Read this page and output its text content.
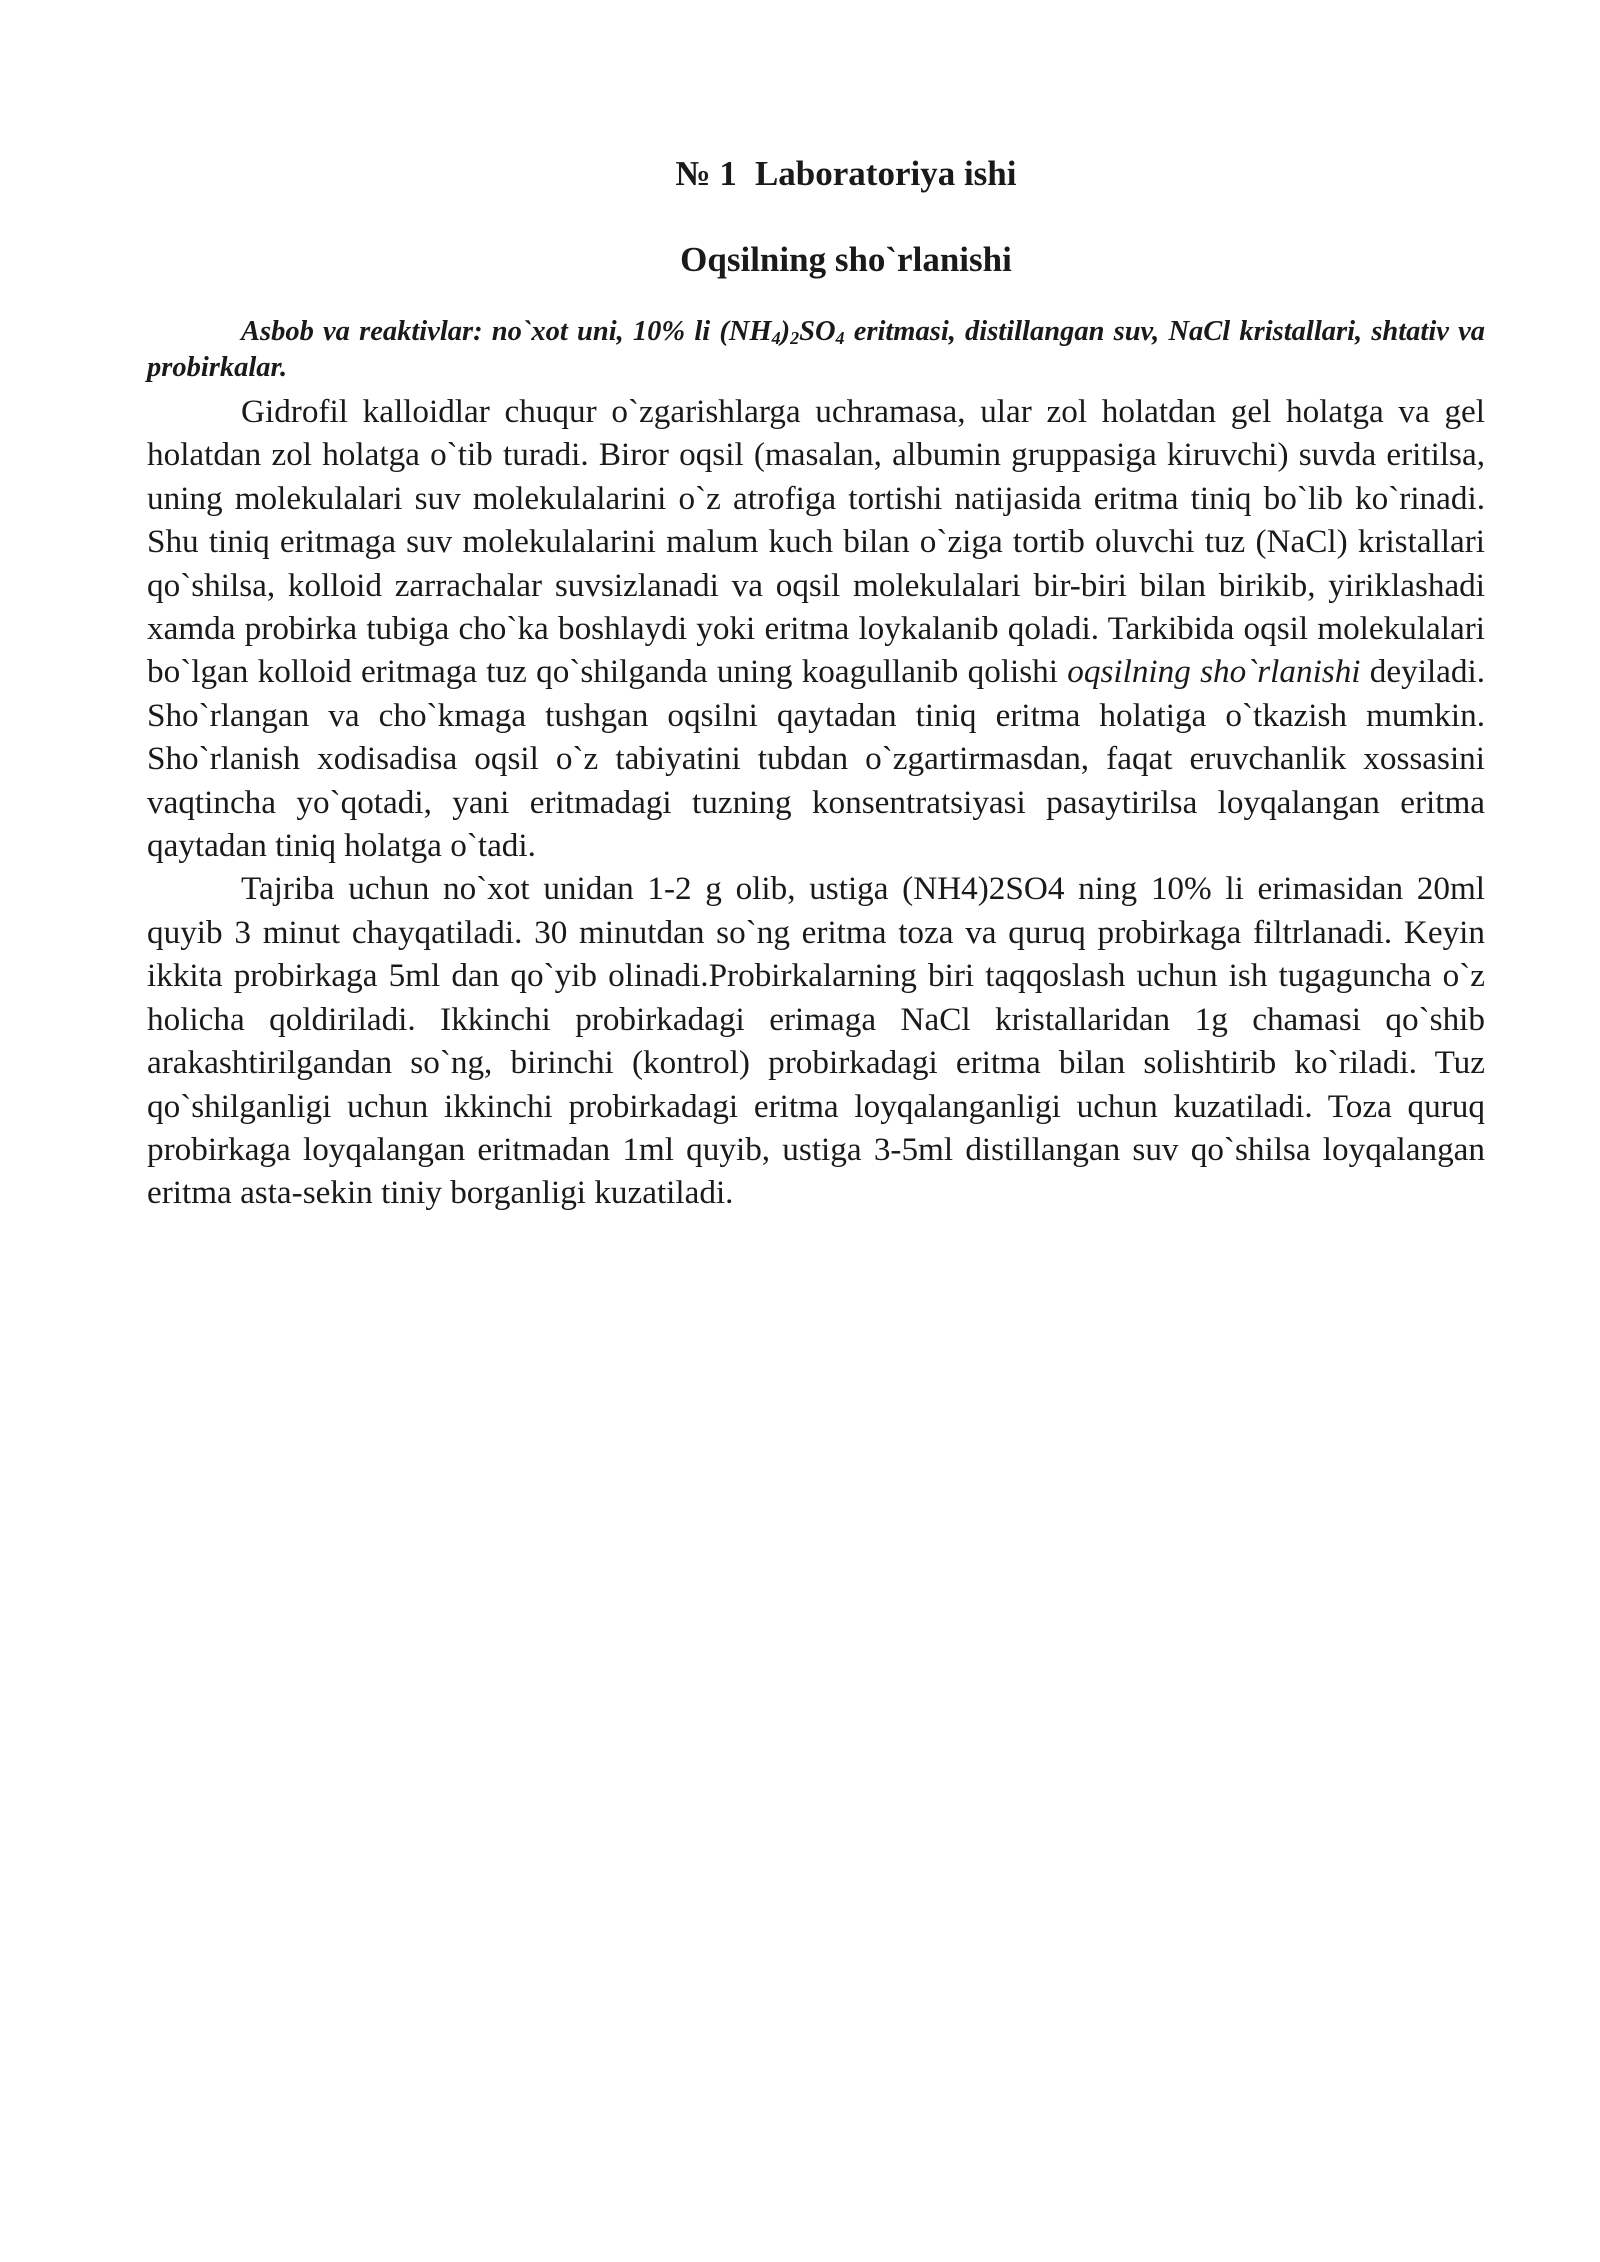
№ 1 Laboratoriya ishi
Oqsilning sho`rlanishi

Asbob va reaktivlar: no`xot uni, 10% li $(NH_4)_2SO_4$ eritmasi, distillangan suv, NaCl kristallari, shtativ va probirkalar.

Gidrofil kalloidlar chuqur o`zgarishlarga uchramasa, ular zol holatdan gel holatga va gel holatdan zol holatga o`tib turadi. Biror oqsil (masalan, albumin gruppasiga kiruvchi) suvda eritilsa, uning molekulalari suv molekulalarini o`z atrofiga tortishi natijasida eritma tiniq bo`lib ko`rinadi. Shu tiniq eritmaga suv molekulalarini malum kuch bilan o`ziga tortib oluvchi tuz (NaCl) kristallari qo`shilsa, kolloid zarrachalar suvsizlanadi va oqsil molekulalari bir-biri bilan birikib, yiriklashadi xamda probirka tubiga cho`ka boshlaydi yoki eritma loykalanib qoladi. Tarkibida oqsil molekulalari bo`lgan kolloid eritmaga tuz qo`shilganda uning koagullanib qolishi oqsilning sho`rlanishi deyiladi. Sho`rlangan va cho`kmaga tushgan oqsilni qaytadan tiniq eritma holatiga o`tkazish mumkin. Sho`rlanish xodisadisa oqsil o`z tabiyatini tubdan o`zgartirmasdan, faqat eruvchanlik xossasini vaqtincha yo`qotadi, yani eritmadagi tuzning konsentratsiyasi pasaytirilsa loyqalangan eritma qaytadan tiniq holatga o`tadi.

Tajriba uchun no`xot unidan 1-2 g olib, ustiga (NH4)2SO4 ning 10% li erimasidan 20ml quyib 3 minut chayqatiladi. 30 minutdan so`ng eritma toza va quruq probirkaga filtrlanadi. Keyin ikkita probirkaga 5ml dan qo`yib olinadi.Probirkalarning biri taqqoslash uchun ish tugaguncha o`z holicha qoldiriladi. Ikkinchi probirkadagi erimaga NaCl kristallaridan 1g chamasi qo`shib arakashtirilgandan so`ng, birinchi (kontrol) probirkadagi eritma bilan solishtirib ko`riladi. Tuz qo`shilganligi uchun ikkinchi probirkadagi eritma loyqalanganligi uchun kuzatiladi. Toza quruq probirkaga loyqalangan eritmadan 1ml quyib, ustiga 3-5ml distillangan suv qo`shilsa loyqalangan eritma asta-sekin tiniy borganligi kuzatiladi.
